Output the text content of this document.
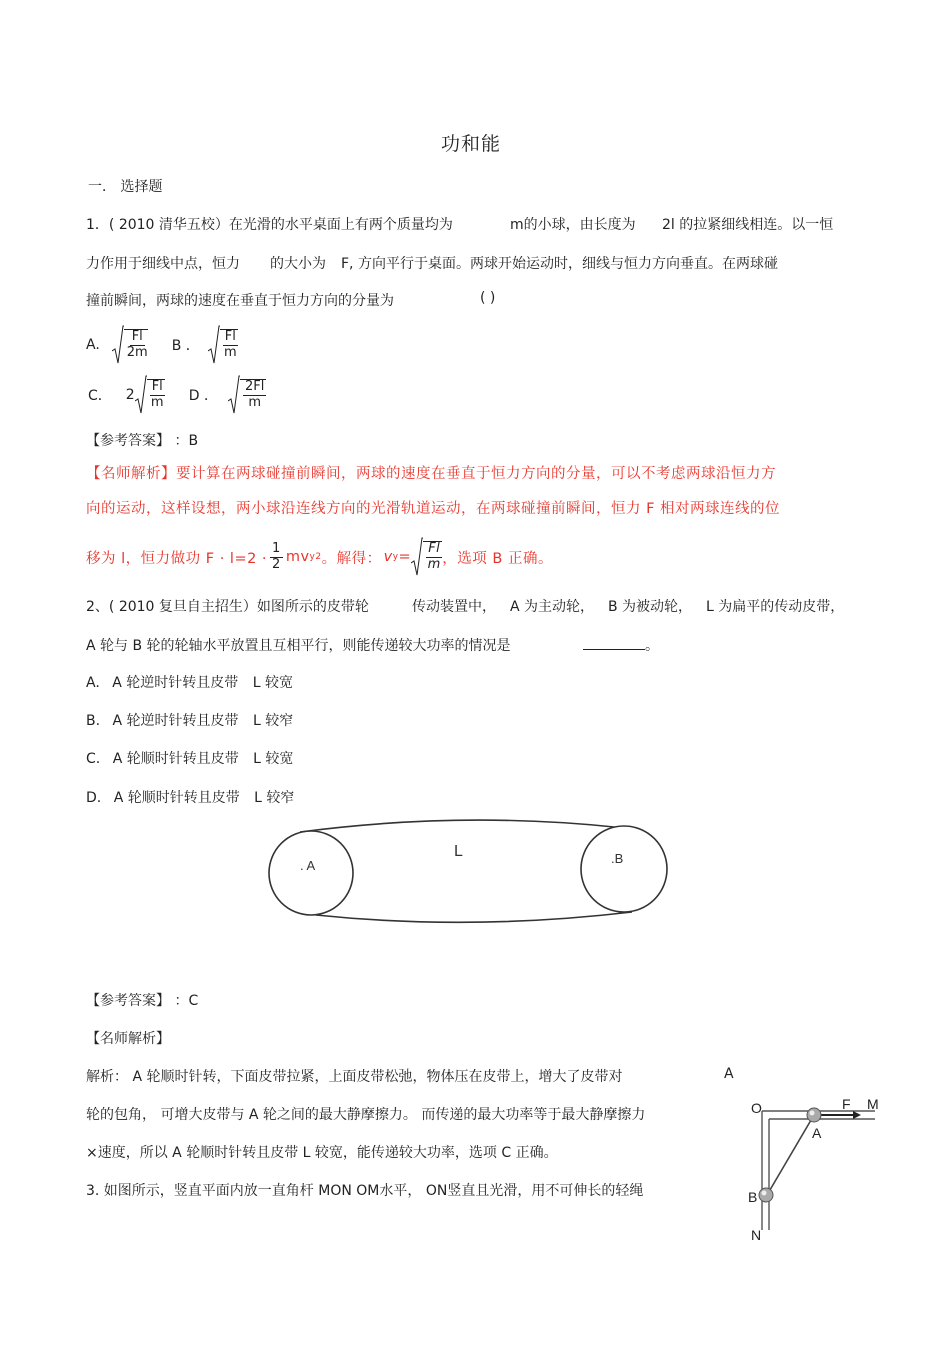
功和能
一． 选择题
1．( 2010 清华五校）在光滑的水平桌面上有两个质量均为	m的小球，由长度为 2l 的拉紧细线相连。以一恒
力作用于细线中点，恒力 的大小为 F, 方向平行于桌面。两球开始运动时，细线与恒力方向垂直。在两球碰
撞前瞬间，两球的速度在垂直于恒力方向的分量为	( )
A. $\frac{Fl}{2m}$ B ． $\frac{Fl}{m}$
C． $2 \frac{Fl}{m}$ D ． $\frac{2Fl}{m}$
【参考答案】 ：B
【名师解析】要计算在两球碰撞前瞬间，两球的速度在垂直于恒力方向的分量，可以不考虑两球沿恒力方
向的运动，这样设想，两小球沿连线方向的光滑轨道运动，在两球碰撞前瞬间，恒力 F 相对两球连线的位
移为 l，恒力做功 $F \cdot l=2 \cdot \frac{1}{2}$ mv y 2 。解得： v $y = \frac{Fl}{m}$ ，选项 B 正确。
2、( 2010 复旦自主招生）如图所示的皮带轮	传动装置中， A 为主动轮， B 为被动轮， L 为扁平的传动皮带，
A 轮与 B 轮的轮轴水平放置且互相平行，则能传递较大功率的情况是	。
A. A 轮逆时针转且皮带 L 较宽
B. A 轮逆时针转且皮带 L 较窄
C. A 轮顺时针转且皮带 L 较宽
D. A 轮顺时针转且皮带 L 较窄
. A	.B
L
【参考答案】 ：C
【名师解析】
解析： A 轮顺时针转，下面皮带拉紧，上面皮带松弛，物体压在皮带上，增大了皮带对	A
轮的包角， 可增大皮带与 A 轮之间的最大静摩擦力。 而传递的最大功率等于最大静摩擦力
×速度，所以 A 轮顺时针转且皮带 L 较宽，能传递较大功率，选项 C 正确。
3. 如图所示，竖直平面内放一直角杆 MON OM水平， ON竖直且光滑，用不可伸长的轻绳
O
A
B
F M
N
